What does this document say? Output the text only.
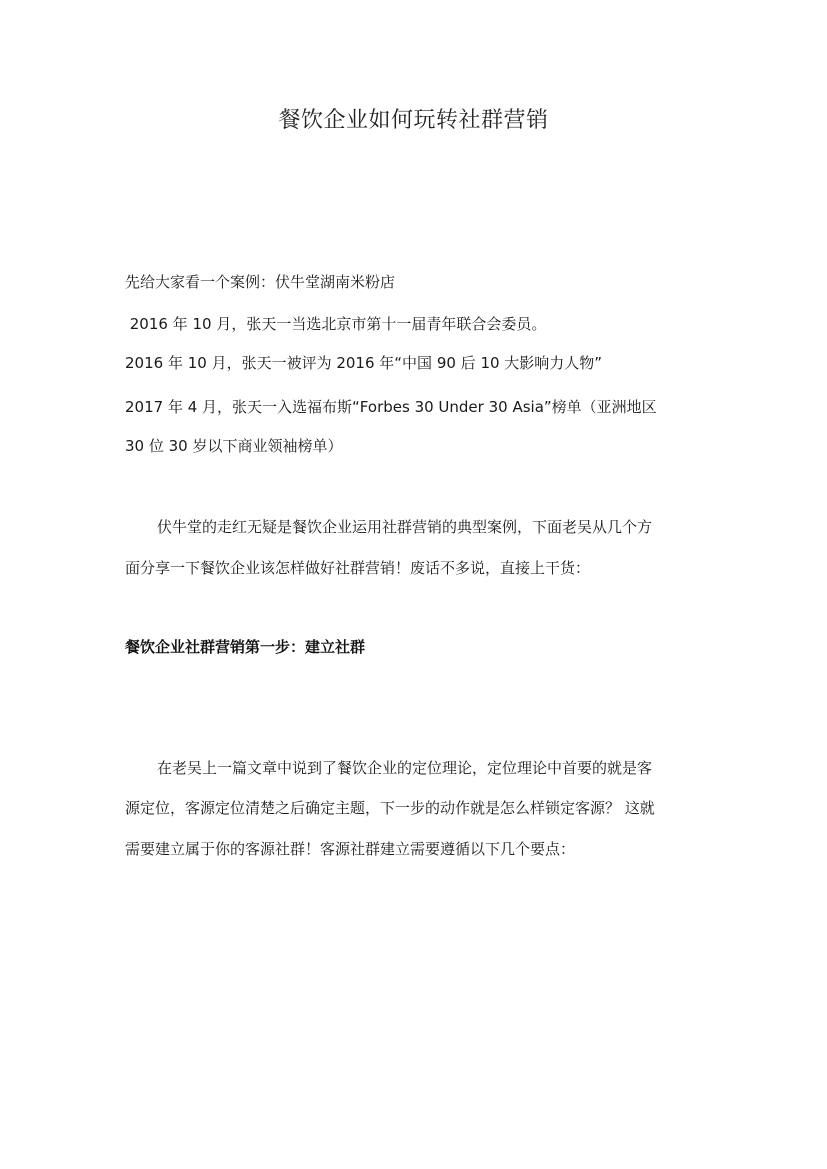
餐饮企业如何玩转社群营销
先给大家看一个案例：伏牛堂湖南米粉店
2016 年 10 月，张天一当选北京市第十一届青年联合会委员。
2016 年 10 月，张天一被评为 2016 年“中国 90 后 10 大影响力人物”
2017 年 4 月，张天一入选福布斯“Forbes 30 Under 30 Asia”榜单（亚洲地区
30 位 30 岁以下商业领袖榜单）
伏牛堂的走红无疑是餐饮企业运用社群营销的典型案例，下面老吴从几个方
面分享一下餐饮企业该怎样做好社群营销！废话不多说，直接上干货：
餐饮企业社群营销第一步：建立社群
在老吴上一篇文章中说到了餐饮企业的定位理论，定位理论中首要的就是客
源定位，客源定位清楚之后确定主题，下一步的动作就是怎么样锁定客源？ 这就
需要建立属于你的客源社群！客源社群建立需要遵循以下几个要点：
